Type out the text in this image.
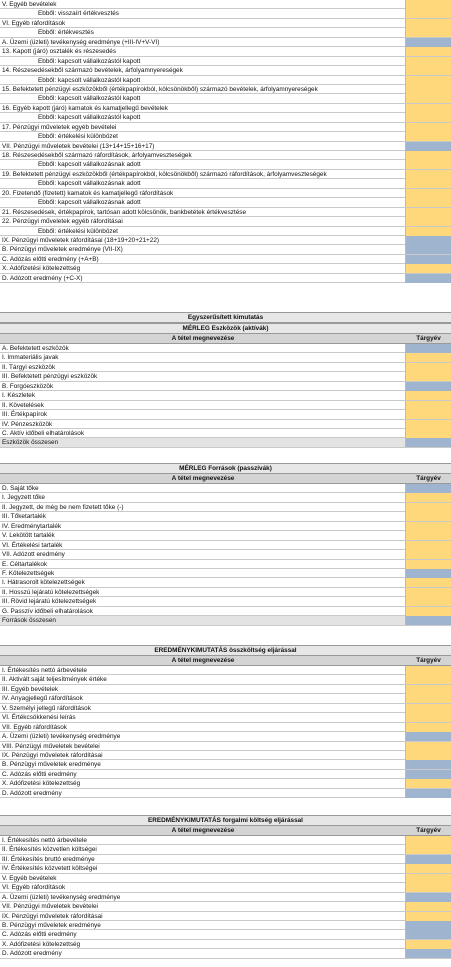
V. Egyéb bevételek
Ebből: visszaírt értékvesztés
VI. Egyéb ráfordítások
Ebből: értékvesztés
A. Üzemi (üzleti) tevékenység eredménye (+III-IV+V-VI)
13. Kapott (járó) osztalék és részesedés
Ebből: kapcsolt vállalkozástól kapott
14. Részesedésekből származó bevételek, árfolyamnyereségek
Ebből: kapcsolt vállalkozástól kapott
15. Befektetett pénzügyi eszközökből (értékpapírokból, kölcsönökből) származó bevételek, árfolyamnyereségek
Ebből: kapcsolt vállalkozástól kapott
16. Egyéb kapott (járó) kamatok és kamatjellegű bevételek
Ebből: kapcsolt vállalkozástól kapott
17. Pénzügyi műveletek egyéb bevételei
Ebből: értékelési különbözet
VII. Pénzügyi műveletek bevételei (13+14+15+16+17)
18. Részesedésekből származó ráfordítások, árfolyamveszteségek
Ebből: kapcsolt vállalkozásnak adott
19. Befektetett pénzügyi eszközökből (értékpapírokból, kölcsönökből) származó ráfordítások, árfolyamveszteségek
Ebből: kapcsolt vállalkozásnak adott
20. Fizetendő (fizetett) kamatok és kamatjellegű ráfordítások
Ebből: kapcsolt vállalkozásnak adott
21. Részesedések, értékpapírok, tartósan adott kölcsönök, bankbetétek értékvesztése
22. Pénzügyi műveletek egyéb ráfordításai
Ebből: értékelési különbözet
IX. Pénzügyi műveletek ráfordításai (18+19+20+21+22)
B. Pénzügyi műveletek eredménye (VII-IX)
C. Adózás előtti eredmény (+A+B)
X. Adófizetési kötelezettség
D. Adózott eredmény (+C-X)
Egyszerűsített kimutatás
MÉRLEG Eszközök (aktívák)
A tétel megnevezése	Tárgyév
A. Befektetett eszközök
I. Immateriális javak
II. Tárgyi eszközök
III. Befektetett pénzügyi eszközök
B. Forgóeszközök
I. Készletek
II. Követelések
III. Értékpapírok
IV. Pénzeszközök
C. Aktív időbeli elhatárolások
Eszközök összesen
MÉRLEG Források (passzívák)
A tétel megnevezése	Tárgyév
D. Saját tőke
I. Jegyzett tőke
II. Jegyzett, de még be nem fizetett tőke (-)
III. Tőketartalék
IV. Eredménytartalék
V. Lekötött tartalék
VI. Értékelési tartalék
VII. Adózott eredmény
E. Céltartalékok
F. Kötelezettségek
I. Hátrasorolt kötelezettségek
II. Hosszú lejáratú kötelezettségek
III. Rövid lejáratú kötelezettségek
G. Passzív időbeli elhatárolások
Források összesen
EREDMÉNYKIMUTATÁS összköltség eljárással
A tétel megnevezése	Tárgyév
I. Értékesítés nettó árbevétele
II. Aktivált saját teljesítmények értéke
III. Egyéb bevételek
IV. Anyagjellegű ráfordítások
V. Személyi jellegű ráfordítások
VI. Értékcsökkenési leírás
VII. Egyéb ráfordítások
A. Üzemi (üzleti) tevékenység eredménye
VIII. Pénzügyi műveletek bevételei
IX. Pénzügyi műveletek ráfordításai
B. Pénzügyi műveletek eredménye
C. Adózás előtti eredmény
X. Adófizetési kötelezettség
D. Adózott eredmény
EREDMÉNYKIMUTATÁS forgalmi költség eljárással
A tétel megnevezése	Tárgyév
I. Értékesítés nettó árbevétele
II. Értékesítés közvetlen költségei
III. Értékesítés bruttó eredménye
IV. Értékesítés közvetett költségei
V. Egyéb bevételek
VI. Egyéb ráfordítások
A. Üzemi (üzleti) tevékenység eredménye
VII. Pénzügyi műveletek bevételei
IX. Pénzügyi műveletek ráfordításai
B. Pénzügyi műveletek eredménye
C. Adózás előtti eredmény
X. Adófizetési kötelezettség
D. Adózott eredmény
